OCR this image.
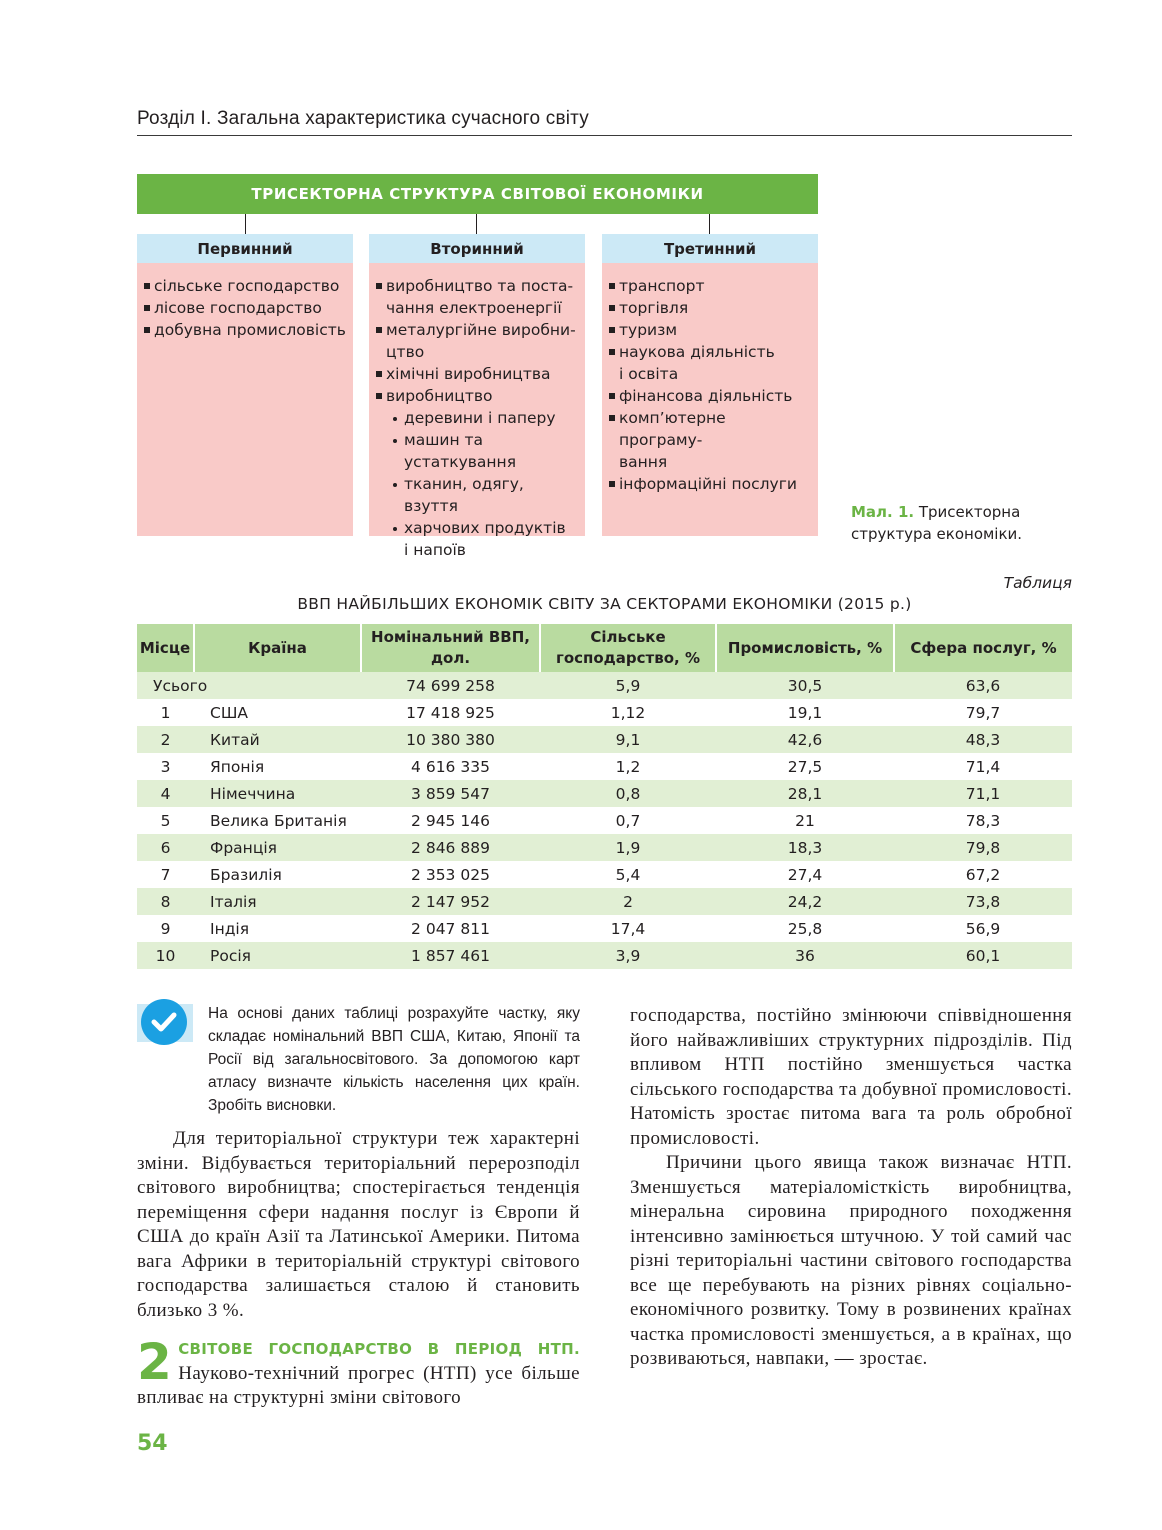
Розділ І. Загальна характеристика сучасного світу
ТРИСЕКТОРНА СТРУКТУРА СВІТОВОЇ ЕКОНОМІКИ
Первинний
сільське господарство
лісове господарство
добувна промисловість
Вторинний
виробництво та поста-
чання електроенергії
металургійне виробни-
цтво
хімічні виробництва
виробництво
деревини і паперу
машин та устаткування
тканин, одягу, взуття
харчових продуктів
і напоїв
Третинний
транспорт
торгівля
туризм
наукова діяльність
і освіта
фінансова діяльність
комп’ютерне програму-
вання
інформаційні послуги
Мал. 1. Трисекторна структура економіки.
Таблиця
ВВП НАЙБІЛЬШИХ ЕКОНОМІК СВІТУ ЗА СЕКТОРАМИ ЕКОНОМІКИ (2015 р.)
Місце	Країна	Номінальний ВВП, дол.	Сільське господарство, %	Промисловість, %	Сфера послуг, %
Усього		74 699 258	5,9	30,5	63,6
1	США	17 418 925	1,12	19,1	79,7
2	Китай	10 380 380	9,1	42,6	48,3
3	Японія	4 616 335	1,2	27,5	71,4
4	Німеччина	3 859 547	0,8	28,1	71,1
5	Велика Британія	2 945 146	0,7	21	78,3
6	Франція	2 846 889	1,9	18,3	79,8
7	Бразилія	2 353 025	5,4	27,4	67,2
8	Італія	2 147 952	2	24,2	73,8
9	Індія	2 047 811	17,4	25,8	56,9
10	Росія	1 857 461	3,9	36	60,1
На основі даних таблиці розрахуйте частку, яку складає номінальний ВВП США, Китаю, Японії та Росії від загальносвітового. За допомогою карт атласу визначте кількість населення цих країн. Зробіть висновки.

Для територіальної структури теж характерні зміни. Відбувається територіальний перерозподіл світового виробництва; спостерігається тенденція переміщення сфери надання послуг із Європи й США до країн Азії та Латинської Америки. Питома вага Африки в територіальній структурі світового господарства залишається сталою й становить близько 3 %.

2 СВІТОВЕ ГОСПОДАРСТВО В ПЕРІОД НТП. Науково-технічний прогрес (НТП) усе більше впливає на структурні зміни світового

господарства, постійно змінюючи співвідношення його найважливіших структурних підрозділів. Під впливом НТП постійно зменшується частка сільського господарства та добувної промисловості. Натомість зростає питома вага та роль обробної промисловості.

Причини цього явища також визначає НТП. Зменшується матеріаломісткість виробництва, мінеральна сировина природного походження інтенсивно замінюється штучною. У той самий час різні територіальні частини світового господарства все ще перебувають на різних рівнях соціально-економічного розвитку. Тому в розвинених країнах частка промисловості зменшується, а в країнах, що розвиваються, навпаки, — зростає.

54
